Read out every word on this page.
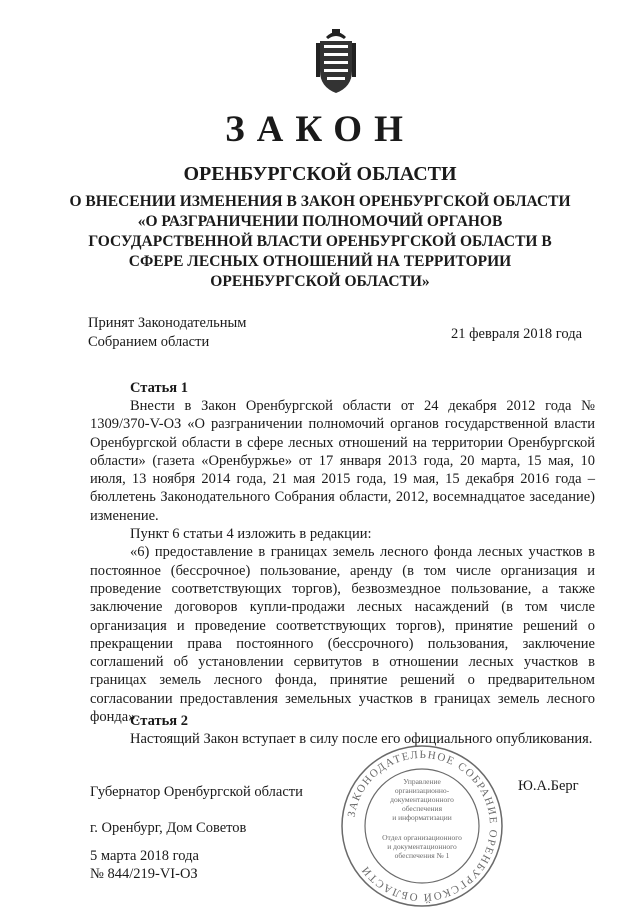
ЗАКОН
ОРЕНБУРГСКОЙ ОБЛАСТИ
О ВНЕСЕНИИ ИЗМЕНЕНИЯ В ЗАКОН ОРЕНБУРГСКОЙ ОБЛАСТИ
«О РАЗГРАНИЧЕНИИ ПОЛНОМОЧИЙ ОРГАНОВ
ГОСУДАРСТВЕННОЙ ВЛАСТИ ОРЕНБУРГСКОЙ ОБЛАСТИ В
СФЕРЕ ЛЕСНЫХ ОТНОШЕНИЙ НА ТЕРРИТОРИИ
ОРЕНБУРГСКОЙ ОБЛАСТИ»
Принят Законодательным
Собранием области	21 февраля 2018 года
Статья 1
Внести в Закон Оренбургской области от 24 декабря 2012 года № 1309/370-V-ОЗ «О разграничении полномочий органов государственной власти Оренбургской области в сфере лесных отношений на территории Оренбургской области» (газета «Оренбуржье» от 17 января 2013 года, 20 марта, 15 мая, 10 июля, 13 ноября 2014 года, 21 мая 2015 года, 19 мая, 15 декабря 2016 года – бюллетень Законодательного Собрания области, 2012, восемнадцатое заседание) изменение.
Пункт 6 статьи 4 изложить в редакции:
«6) предоставление в границах земель лесного фонда лесных участков в постоянное (бессрочное) пользование, аренду (в том числе организация и проведение соответствующих торгов), безвозмездное пользование, а также заключение договоров купли-продажи лесных насаждений (в том числе организация и проведение соответствующих торгов), принятие решений о прекращении права постоянного (бессрочного) пользования, заключение соглашений об установлении сервитутов в отношении лесных участков в границах земель лесного фонда, принятие решений о предварительном согласовании предоставления земельных участков в границах земель лесного фонда».
Статья 2
Настоящий Закон вступает в силу после его официального опубликования.
Губернатор Оренбургской области	Ю.А.Берг
г. Оренбург, Дом Советов
5 марта 2018 года
№ 844/219-VI-ОЗ
ЗАКОНОДАТЕЛЬНОЕ СОБРАНИЕ ОРЕНБУРГСКОЙ ОБЛАСТИ
Управление
организационно-
документационного
обеспечения
и информатизации
Отдел организационного
и документационного
обеспечения № 1
